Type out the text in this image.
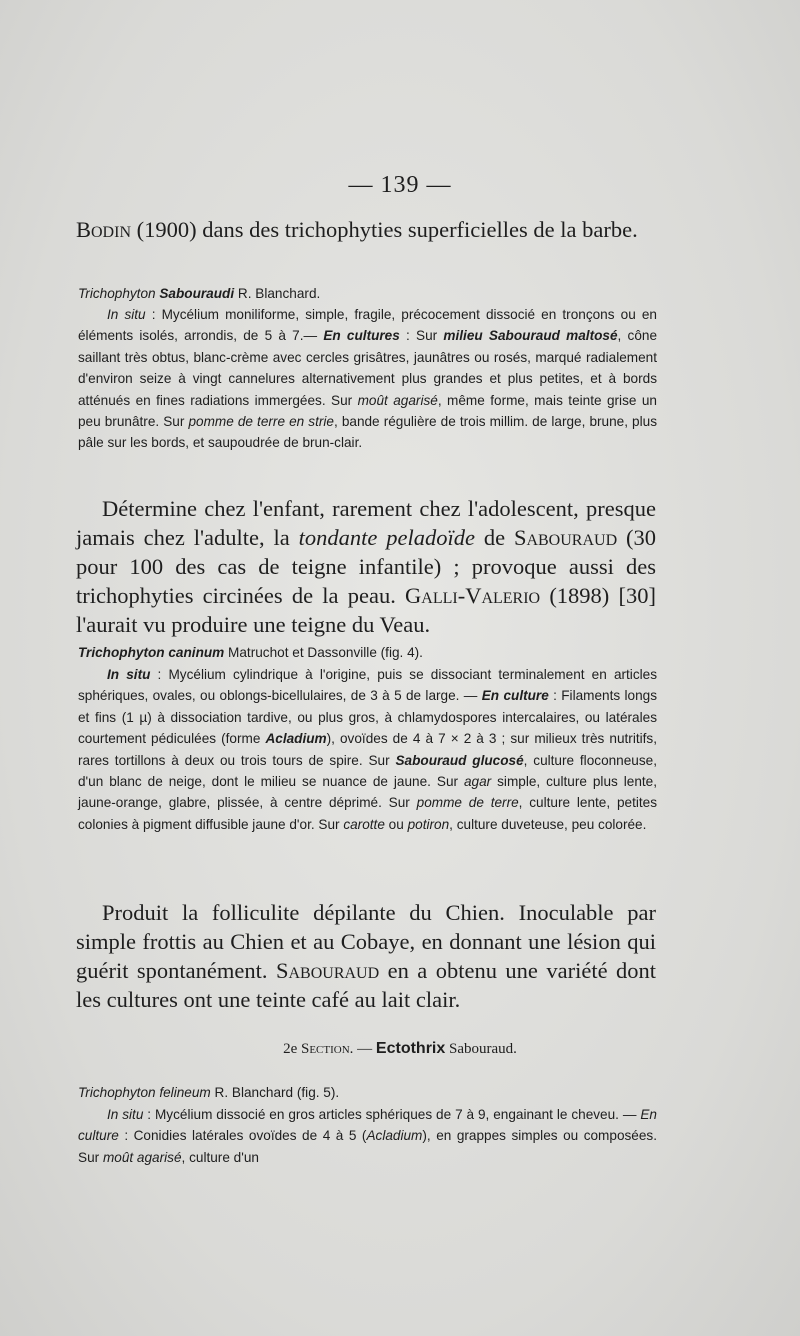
— 139 —
Bodin (1900) dans des trichophyties superficielles de la barbe.
Trichophyton Sabouraudi R. Blanchard.
In situ : Mycélium moniliforme, simple, fragile, précocement dissocié en tronçons ou en éléments isolés, arrondis, de 5 à 7.— En cultures : Sur milieu Sabouraud maltosé, cône saillant très obtus, blanc-crème avec cercles grisâtres, jaunâtres ou rosés, marqué radialement d'environ seize à vingt cannelures alternativement plus grandes et plus petites, et à bords atténués en fines radiations immergées. Sur moût agarisé, même forme, mais teinte grise un peu brunâtre. Sur pomme de terre en strie, bande régulière de trois millim. de large, brune, plus pâle sur les bords, et saupoudrée de brun-clair.
Détermine chez l'enfant, rarement chez l'adolescent, presque jamais chez l'adulte, la tondante peladoïde de Sabouraud (30 pour 100 des cas de teigne infantile) ; provoque aussi des trichophyties circinées de la peau. Galli-Valerio (1898) [30] l'aurait vu produire une teigne du Veau.
Trichophyton caninum Matruchot et Dassonville (fig. 4).
In situ : Mycélium cylindrique à l'origine, puis se dissociant terminalement en articles sphériques, ovales, ou oblongs-bicellulaires, de 3 à 5 de large. — En culture : Filaments longs et fins (1 µ) à dissociation tardive, ou plus gros, à chlamydospores intercalaires, ou latérales courtement pédiculées (forme Acladium), ovoïdes de 4 à 7 × 2 à 3 ; sur milieux très nutritifs, rares tortillons à deux ou trois tours de spire. Sur Sabouraud glucosé, culture floconneuse, d'un blanc de neige, dont le milieu se nuance de jaune. Sur agar simple, culture plus lente, jaune-orange, glabre, plissée, à centre déprimé. Sur pomme de terre, culture lente, petites colonies à pigment diffusible jaune d'or. Sur carotte ou potiron, culture duveteuse, peu colorée.
Produit la folliculite dépilante du Chien. Inoculable par simple frottis au Chien et au Cobaye, en donnant une lésion qui guérit spontanément. Sabouraud en a obtenu une variété dont les cultures ont une teinte café au lait clair.
2e Section. — Ectothrix Sabouraud.
Trichophyton felineum R. Blanchard (fig. 5).
In situ : Mycélium dissocié en gros articles sphériques de 7 à 9, engainant le cheveu. — En culture : Conidies latérales ovoïdes de 4 à 5 (Acladium), en grappes simples ou composées. Sur moût agarisé, culture d'un
